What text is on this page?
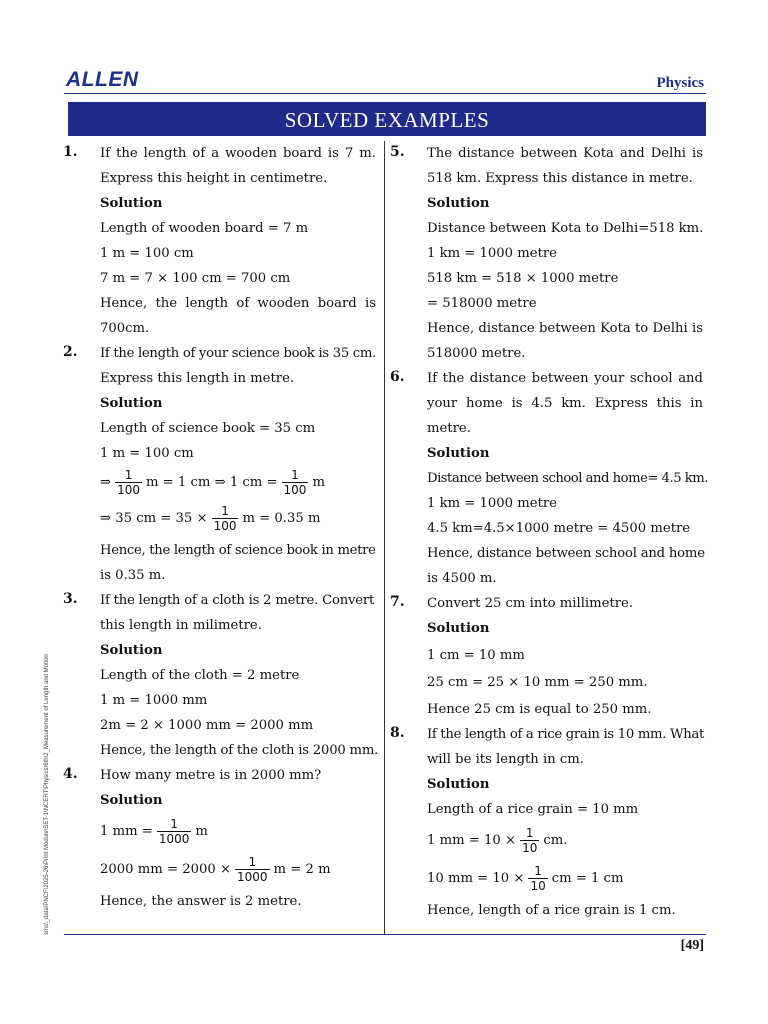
ALLEN	Physics
SOLVED EXAMPLES
sms\_data\PNCF\2025-26\Print Module\SET-1\NCERT\Physics\6th\2_Measurement of Length and Motion
1. If the length of a wooden board is 7 m.
Express this height in centimetre.
Solution
Length of wooden board = 7 m
1 m = 100 cm
7 m = 7 × 100 cm = 700 cm
Hence, the length of wooden board is
700cm.
2. If the length of your science book is 35 cm.
Express this length in metre.
Solution
Length of science book = 35 cm
1 m = 100 cm
⇒ $\frac{1}{100}$ m = 1 cm ⇒ 1 cm = $\frac{1}{100}$ m
⇒ 35 cm = $35 \times \frac{1}{100}$ m = 0.35 m
Hence, the length of science book in metre
is 0.35 m.
3. If the length of a cloth is 2 metre. Convert
this length in milimetre.
Solution
Length of the cloth = 2 metre
1 m = 1000 mm
2m = 2 × 1000 mm = 2000 mm
Hence, the length of the cloth is 2000 mm.
4. How many metre is in 2000 mm?
Solution
1 mm = $\frac{1}{1000}$ m
2000 mm = $2000 \times \frac{1}{1000}$ m = 2 m
Hence, the answer is 2 metre.
5. The distance between Kota and Delhi is
518 km. Express this distance in metre.
Solution
Distance between Kota to Delhi=518 km.
1 km = 1000 metre
518 km = 518 × 1000 metre
= 518000 metre
Hence, distance between Kota to Delhi is
518000 metre.
6. If the distance between your school and
your home is 4.5 km. Express this in
metre.
Solution
Distance between school and home= 4.5 km.
1 km = 1000 metre
4.5 km=4.5×1000 metre = 4500 metre
Hence, distance between school and home
is 4500 m.
7. Convert 25 cm into millimetre.
Solution
1 cm = 10 mm
25 cm = 25 × 10 mm = 250 mm.
Hence 25 cm is equal to 250 mm.
8. If the length of a rice grain is 10 mm. What
will be its length in cm.
Solution
Length of a rice grain = 10 mm
1 mm = $10 \times \frac{1}{10}$ cm.
10 mm = $10 \times \frac{1}{10}$ cm = 1 cm
Hence, length of a rice grain is 1 cm.
[49]
